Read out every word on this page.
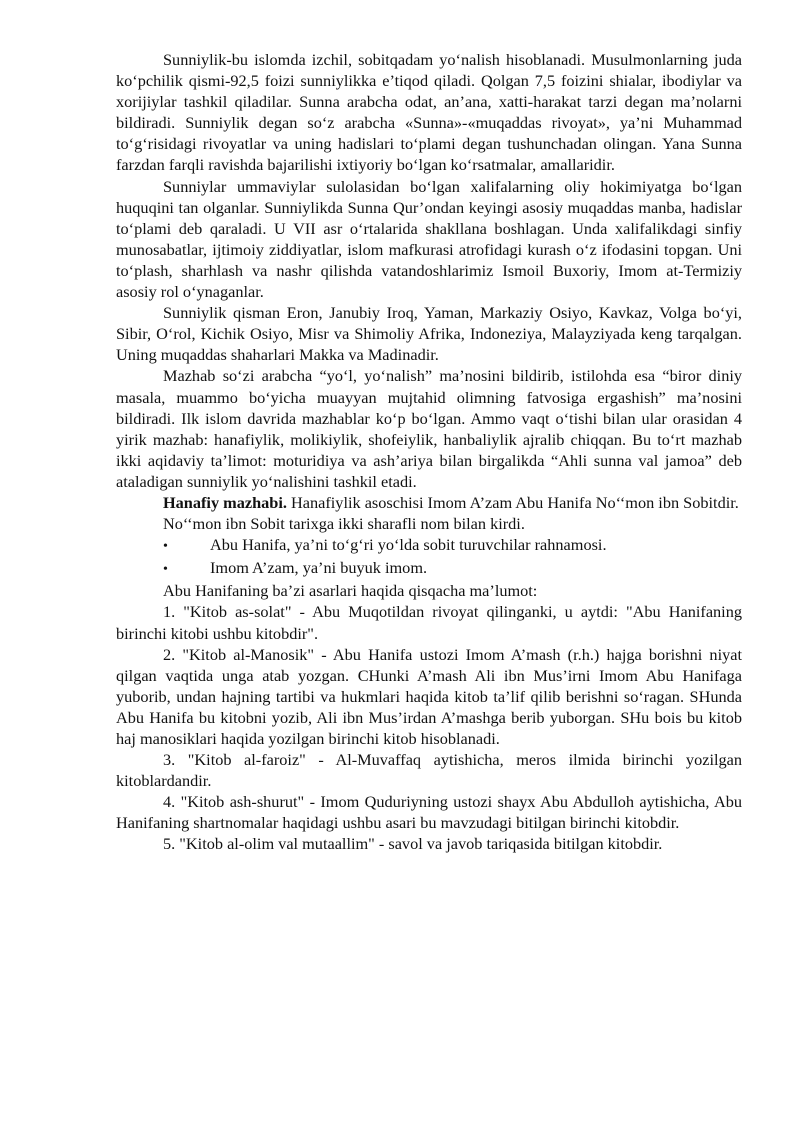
Sunniylik-bu islomda izchil, sobitqadam yo‘nalish hisoblanadi. Musulmonlarning juda ko‘pchilik qismi-92,5 foizi sunniylikka e’tiqod qiladi. Qolgan 7,5 foizini shialar, ibodiylar va xorijiylar tashkil qiladilar. Sunna arabcha odat, an’ana, xatti-harakat tarzi degan ma’nolarni bildiradi. Sunniylik degan so‘z arabcha «Sunna»-«muqaddas rivoyat», ya’ni Muhammad to‘g‘risidagi rivoyatlar va uning hadislari to‘plami degan tushunchadan olingan. Yana Sunna farzdan farqli ravishda bajarilishi ixtiyoriy bo‘lgan ko‘rsatmalar, amallaridir.

Sunniylar ummaviylar sulolasidan bo‘lgan xalifalarning oliy hokimiyatga bo‘lgan huquqini tan olganlar. Sunniylikda Sunna Qur’ondan keyingi asosiy muqaddas manba, hadislar to‘plami deb qaraladi. U VII asr o‘rtalarida shakllana boshlagan. Unda xalifalikdagi sinfiy munosabatlar, ijtimoiy ziddiyatlar, islom mafkurasi atrofidagi kurash o‘z ifodasini topgan. Uni to‘plash, sharhlash va nashr qilishda vatandoshlarimiz Ismoil Buxoriy, Imom at-Termiziy asosiy rol o‘ynaganlar.

Sunniylik qisman Eron, Janubiy Iroq, Yaman, Markaziy Osiyo, Kavkaz, Volga bo‘yi, Sibir, O‘rol, Kichik Osiyo, Misr va Shimoliy Afrika, Indoneziya, Malayziyada keng tarqalgan. Uning muqaddas shaharlari Makka va Madinadir.

Mazhab so‘zi arabcha “yo‘l, yo‘nalish” ma’nosini bildirib, istilohda esa “biror diniy masala, muammo bo‘yicha muayyan mujtahid olimning fatvosiga ergashish” ma’nosini bildiradi. Ilk islom davrida mazhablar ko‘p bo‘lgan. Ammo vaqt o‘tishi bilan ular orasidan 4 yirik mazhab: hanafiylik, molikiylik, shofeiylik, hanbaliylik ajralib chiqqan. Bu to‘rt mazhab ikki aqidaviy ta’limot: moturidiya va ash’ariya bilan birgalikda “Ahli sunna val jamoa” deb ataladigan sunniylik yo‘nalishini tashkil etadi.

Hanafiy mazhabi. Hanafiylik asoschisi Imom A’zam Abu Hanifa No‘‘mon ibn Sobitdir.

No‘‘mon ibn Sobit tarixga ikki sharafli nom bilan kirdi.

•	Abu Hanifa, ya’ni to‘g‘ri yo‘lda sobit turuvchilar rahnamosi.
•	Imom A’zam, ya’ni buyuk imom.

Abu Hanifaning ba’zi asarlari haqida qisqacha ma’lumot:

1. "Kitob as-solat" - Abu Muqotildan rivoyat qilinganki, u aytdi: "Abu Hanifaning birinchi kitobi ushbu kitobdir".

2. "Kitob al-Manosik" - Abu Hanifa ustozi Imom A’mash (r.h.) hajga borishni niyat qilgan vaqtida unga atab yozgan. CHunki A’mash Ali ibn Mus’irni Imom Abu Hanifaga yuborib, undan hajning tartibi va hukmlari haqida kitob ta’lif qilib berishni so‘ragan. SHunda Abu Hanifa bu kitobni yozib, Ali ibn Mus’irdan A’mashga berib yuborgan. SHu bois bu kitob haj manosiklari haqida yozilgan birinchi kitob hisoblanadi.

3. "Kitob al-faroiz" - Al-Muvaffaq aytishicha, meros ilmida birinchi yozilgan kitoblardandir.

4. "Kitob ash-shurut" - Imom Quduriyning ustozi shayx Abu Abdulloh aytishicha, Abu Hanifaning shartnomalar haqidagi ushbu asari bu mavzudagi bitilgan birinchi kitobdir.

5. "Kitob al-olim val mutaallim" - savol va javob tariqasida bitilgan kitobdir.
